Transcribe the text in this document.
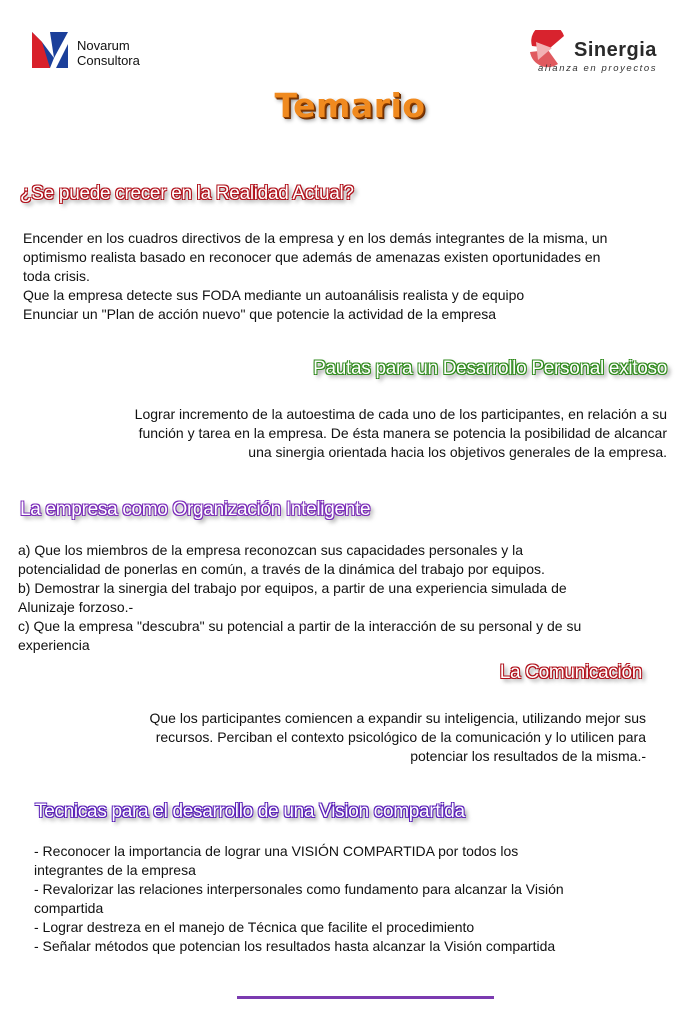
Novarum
Consultora	Sinergia
alianza en proyectos
Temario
¿Se puede crecer en la Realidad Actual?
Encender en los cuadros directivos de la empresa y en los demás integrantes de la misma, un
optimismo realista basado en reconocer que además de amenazas existen oportunidades en
toda crisis.
Que la empresa detecte sus FODA mediante un autoanálisis realista y de equipo
Enunciar un "Plan de acción nuevo" que potencie la actividad de la empresa
Pautas para un Desarrollo Personal exitoso
Lograr incremento de la autoestima de cada uno de los participantes, en relación a su
función y tarea en la empresa. De ésta manera se potencia la posibilidad de alcancar
una sinergia orientada hacia los objetivos generales de la empresa.
La empresa como Organización Inteligente
a) Que los miembros de la empresa reconozcan sus capacidades personales y la
potencialidad de ponerlas en común, a través de la dinámica del trabajo por equipos.
b) Demostrar la sinergia del trabajo por equipos, a partir de una experiencia simulada de
Alunizaje forzoso.-
c) Que la empresa "descubra" su potencial a partir de la interacción de su personal y de su
experiencia
La Comunicación
Que los participantes comiencen a expandir su inteligencia, utilizando mejor sus
recursos. Perciban el contexto psicológico de la comunicación y lo utilicen para
potenciar los resultados de la misma.-
Tecnicas para el desarrollo de una Vision compartida
- Reconocer la importancia de lograr una VISIÓN COMPARTIDA por todos los
integrantes de la empresa
- Revalorizar las relaciones interpersonales como fundamento para alcanzar la Visión
compartida
- Lograr destreza en el manejo de Técnica que facilite el procedimiento
- Señalar métodos que potencian los resultados hasta alcanzar la Visión compartida
